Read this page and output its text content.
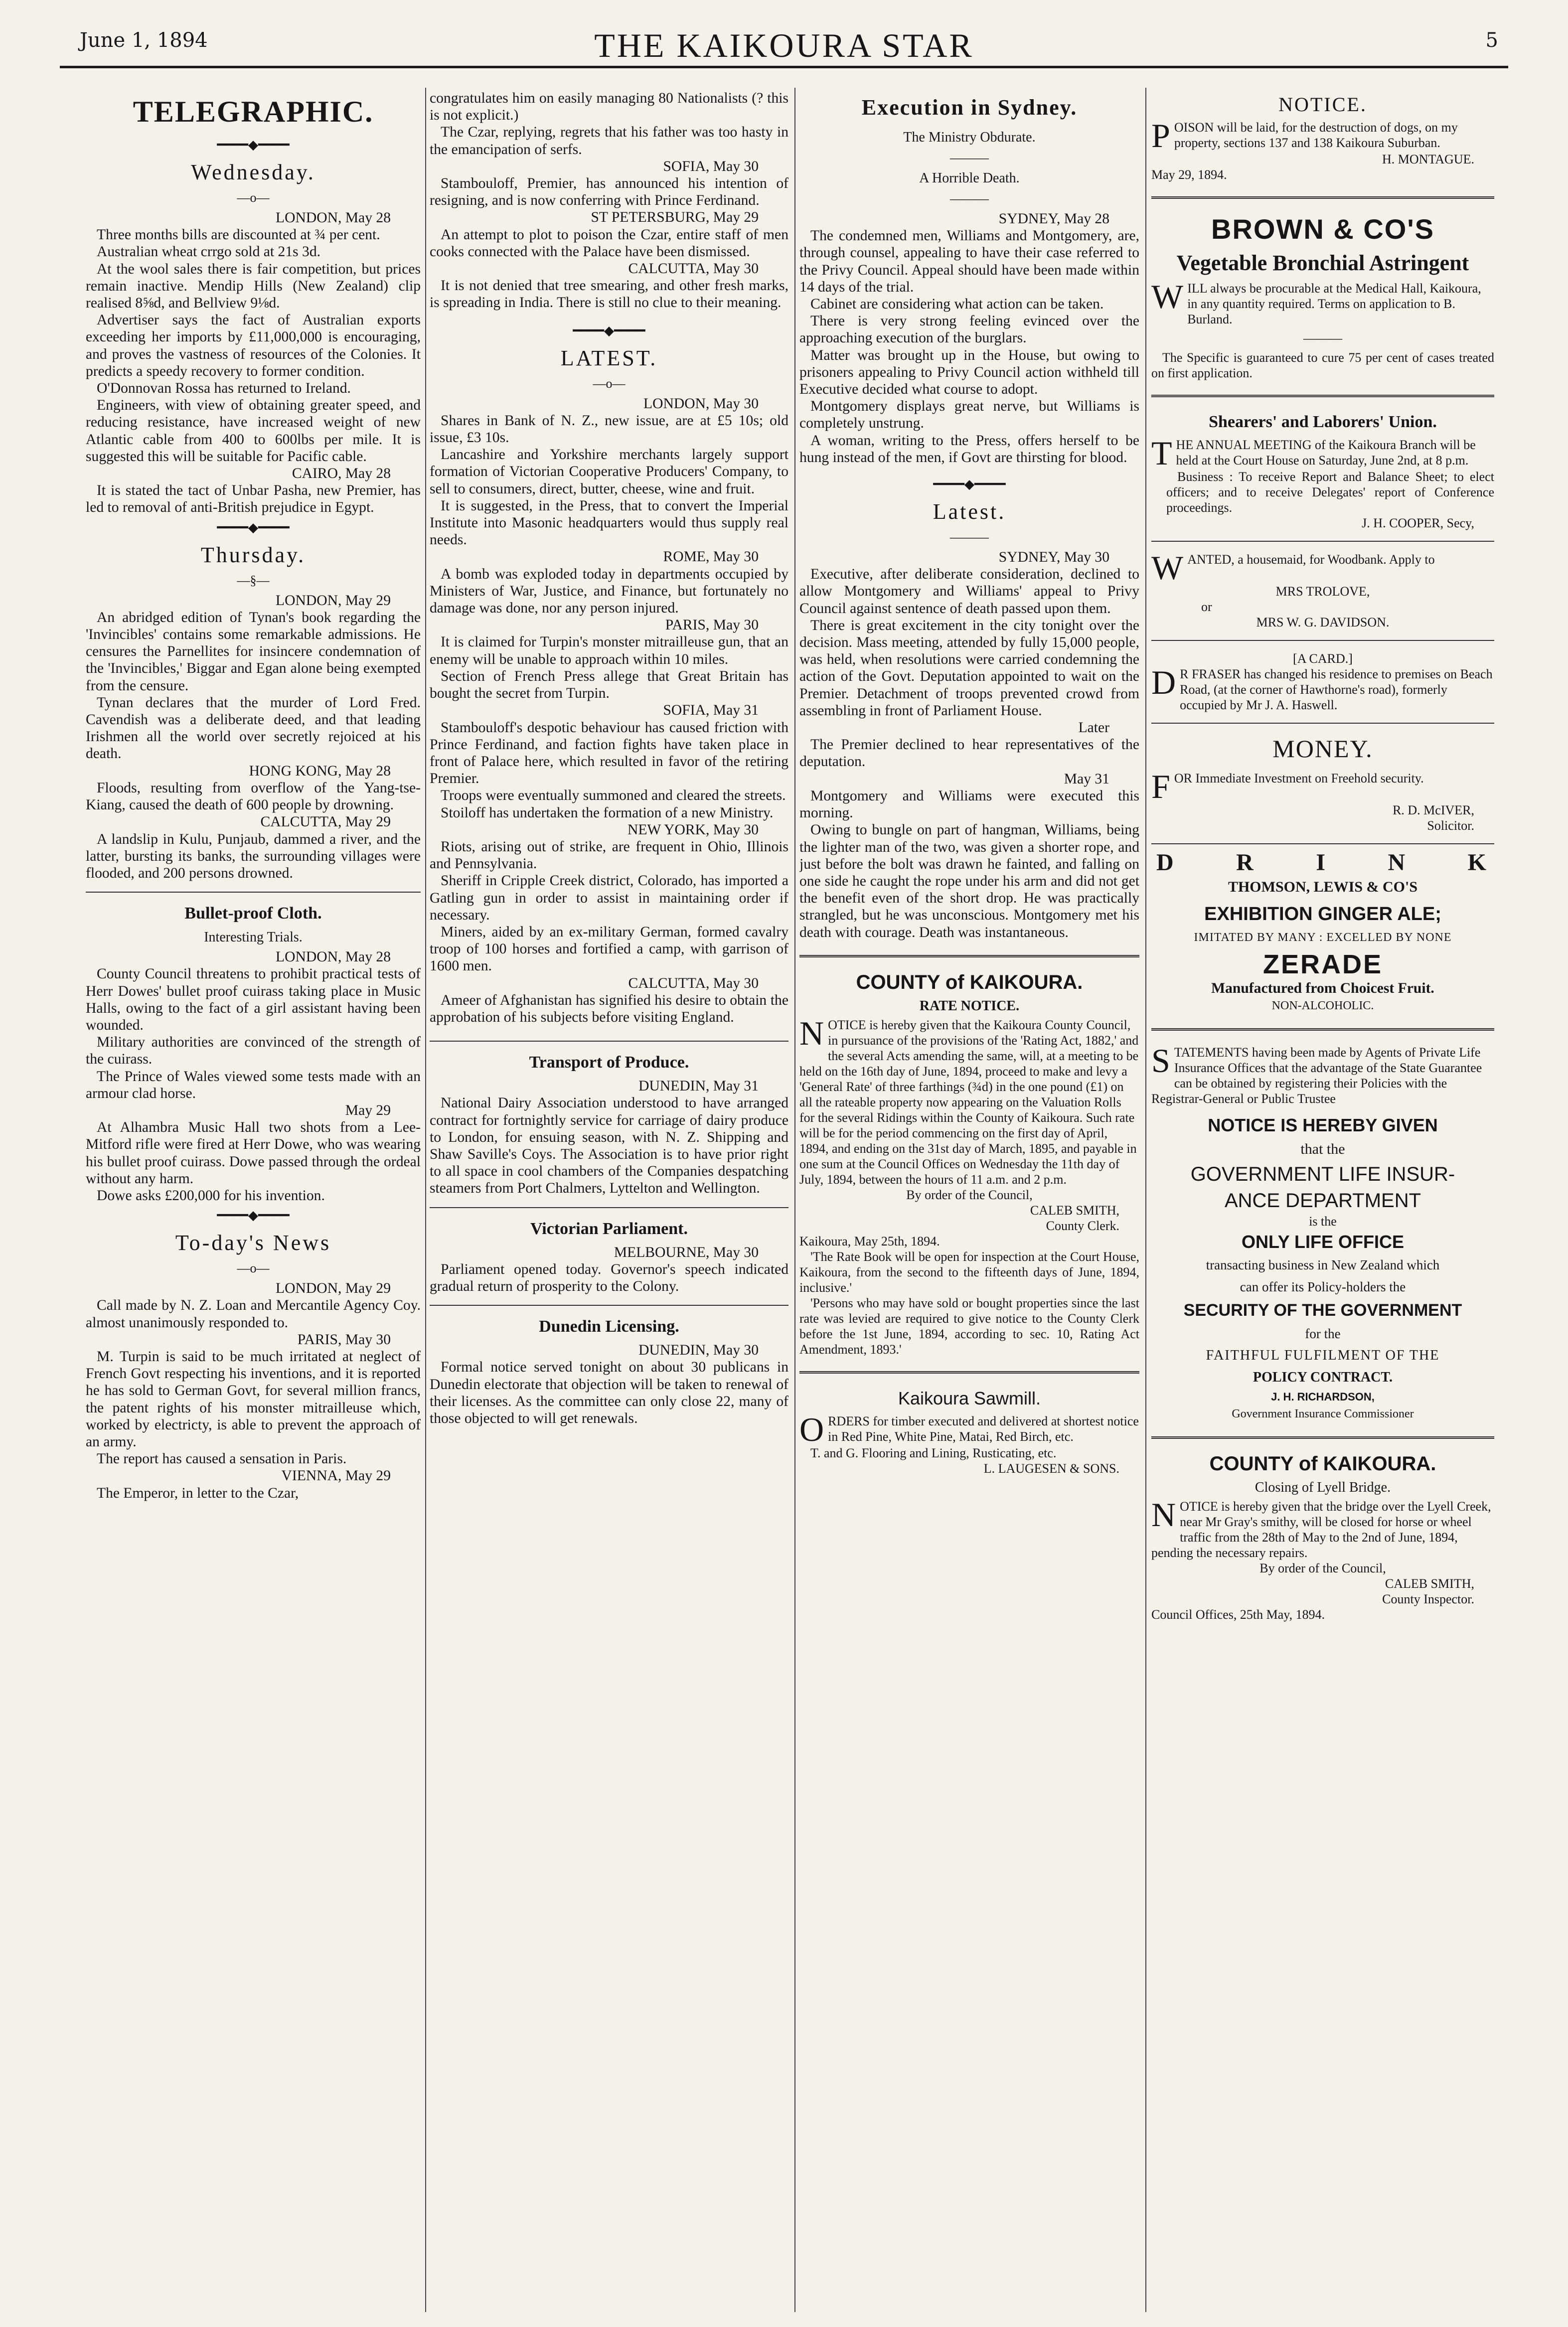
June 1, 1894	THE KAIKOURA STAR	5
TELEGRAPHIC.
━━━━◆━━━━
Wednesday.
—o—
LONDON, May 28

Three months bills are discounted at ¾ per cent.

Australian wheat crrgo sold at 21s 3d.

At the wool sales there is fair competition, but prices remain inactive. Mendip Hills (New Zealand) clip realised 8⅝d, and Bellview 9⅛d.

Advertiser says the fact of Australian exports exceeding her imports by £11,000,000 is encouraging, and proves the vastness of resources of the Colonies. It predicts a speedy recovery to former condition.

O'Donnovan Rossa has returned to Ireland.

Engineers, with view of obtaining greater speed, and reducing resistance, have increased weight of new Atlantic cable from 400 to 600lbs per mile. It is suggested this will be suitable for Pacific cable.

CAIRO, May 28

It is stated the tact of Unbar Pasha, new Premier, has led to removal of anti-British prejudice in Egypt.

━━━━◆━━━━
Thursday.
—§—
LONDON, May 29

An abridged edition of Tynan's book regarding the 'Invincibles' contains some remarkable admissions. He censures the Parnellites for insincere condemnation of the 'Invincibles,' Biggar and Egan alone being exempted from the censure.

Tynan declares that the murder of Lord Fred. Cavendish was a deliberate deed, and that leading Irishmen all the world over secretly rejoiced at his death.

HONG KONG, May 28

Floods, resulting from overflow of the Yang-tse-Kiang, caused the death of 600 people by drowning.

CALCUTTA, May 29

A landslip in Kulu, Punjaub, dammed a river, and the latter, bursting its banks, the surrounding villages were flooded, and 200 persons drowned.

Bullet-proof Cloth.
Interesting Trials.
LONDON, May 28

County Council threatens to prohibit practical tests of Herr Dowes' bullet proof cuirass taking place in Music Halls, owing to the fact of a girl assistant having been wounded.

Military authorities are convinced of the strength of the cuirass.

The Prince of Wales viewed some tests made with an armour clad horse.

May 29

At Alhambra Music Hall two shots from a Lee-Mitford rifle were fired at Herr Dowe, who was wearing his bullet proof cuirass. Dowe passed through the ordeal without any harm.

Dowe asks £200,000 for his invention.

━━━━◆━━━━
To-day's News
—o—
LONDON, May 29

Call made by N. Z. Loan and Mercantile Agency Coy. almost unanimously responded to.

PARIS, May 30

M. Turpin is said to be much irritated at neglect of French Govt respecting his inventions, and it is reported he has sold to German Govt, for several million francs, the patent rights of his monster mitrailleuse which, worked by electricty, is able to prevent the approach of an army.

The report has caused a sensation in Paris.

VIENNA, May 29

The Emperor, in letter to the Czar,

congratulates him on easily managing 80 Nationalists (? this is not explicit.)

The Czar, replying, regrets that his father was too hasty in the emancipation of serfs.

SOFIA, May 30

Stambouloff, Premier, has announced his intention of resigning, and is now conferring with Prince Ferdinand.

ST PETERSBURG, May 29

An attempt to plot to poison the Czar, entire staff of men cooks connected with the Palace have been dismissed.

CALCUTTA, May 30

It is not denied that tree smearing, and other fresh marks, is spreading in India. There is still no clue to their meaning.

━━━━◆━━━━
LATEST.
—o—
LONDON, May 30

Shares in Bank of N. Z., new issue, are at £5 10s; old issue, £3 10s.

Lancashire and Yorkshire merchants largely support formation of Victorian Cooperative Producers' Company, to sell to consumers, direct, butter, cheese, wine and fruit.

It is suggested, in the Press, that to convert the Imperial Institute into Masonic headquarters would thus supply real needs.

ROME, May 30

A bomb was exploded today in departments occupied by Ministers of War, Justice, and Finance, but fortunately no damage was done, nor any person injured.

PARIS, May 30

It is claimed for Turpin's monster mitrailleuse gun, that an enemy will be unable to approach within 10 miles.

Section of French Press allege that Great Britain has bought the secret from Turpin.

SOFIA, May 31

Stambouloff's despotic behaviour has caused friction with Prince Ferdinand, and faction fights have taken place in front of Palace here, which resulted in favor of the retiring Premier.

Troops were eventually summoned and cleared the streets.

Stoiloff has undertaken the formation of a new Ministry.

NEW YORK, May 30

Riots, arising out of strike, are frequent in Ohio, Illinois and Pennsylvania.

Sheriff in Cripple Creek district, Colorado, has imported a Gatling gun in order to assist in maintaining order if necessary.

Miners, aided by an ex-military German, formed cavalry troop of 100 horses and fortified a camp, with garrison of 1600 men.

CALCUTTA, May 30

Ameer of Afghanistan has signified his desire to obtain the approbation of his subjects before visiting England.

Transport of Produce.
DUNEDIN, May 31

National Dairy Association understood to have arranged contract for fortnightly service for carriage of dairy produce to London, for ensuing season, with N. Z. Shipping and Shaw Saville's Coys. The Association is to have prior right to all space in cool chambers of the Companies despatching steamers from Port Chalmers, Lyttelton and Wellington.

Victorian Parliament.
MELBOURNE, May 30

Parliament opened today. Governor's speech indicated gradual return of prosperity to the Colony.

Dunedin Licensing.
DUNEDIN, May 30

Formal notice served tonight on about 30 publicans in Dunedin electorate that objection will be taken to renewal of their licenses. As the committee can only close 22, many of those objected to will get renewals.

Execution in Sydney.
The Ministry Obdurate.
———
A Horrible Death.
———
SYDNEY, May 28

The condemned men, Williams and Montgomery, are, through counsel, appealing to have their case referred to the Privy Council. Appeal should have been made within 14 days of the trial.

Cabinet are considering what action can be taken.

There is very strong feeling evinced over the approaching execution of the burglars.

Matter was brought up in the House, but owing to prisoners appealing to Privy Council action withheld till Executive decided what course to adopt.

Montgomery displays great nerve, but Williams is completely unstrung.

A woman, writing to the Press, offers herself to be hung instead of the men, if Govt are thirsting for blood.

━━━━◆━━━━
Latest.
———
SYDNEY, May 30

Executive, after deliberate consideration, declined to allow Montgomery and Williams' appeal to Privy Council against sentence of death passed upon them.

There is great excitement in the city tonight over the decision. Mass meeting, attended by fully 15,000 people, was held, when resolutions were carried condemning the action of the Govt. Deputation appointed to wait on the Premier. Detachment of troops prevented crowd from assembling in front of Parliament House.

Later

The Premier declined to hear representatives of the deputation.

May 31

Montgomery and Williams were executed this morning.

Owing to bungle on part of hangman, Williams, being the lighter man of the two, was given a shorter rope, and just before the bolt was drawn he fainted, and falling on one side he caught the rope under his arm and did not get the benefit even of the short drop. He was practically strangled, but he was unconscious. Montgomery met his death with courage. Death was instantaneous.

COUNTY of KAIKOURA.
RATE NOTICE.
N OTICE is hereby given that the Kaikoura County Council, in pursuance of the provisions of the 'Rating Act, 1882,' and the several Acts amending the same, will, at a meeting to be held on the 16th day of June, 1894, proceed to make and levy a 'General Rate' of three farthings (¾d) in the one pound (£1) on all the rateable property now appearing on the Valuation Rolls for the several Ridings within the County of Kaikoura. Such rate will be for the period commencing on the first day of April, 1894, and ending on the 31st day of March, 1895, and payable in one sum at the Council Offices on Wednesday the 11th day of July, 1894, between the hours of 11 a.m. and 2 p.m.
By order of the Council,
CALEB SMITH,
County Clerk.
Kaikoura, May 25th, 1894.

'The Rate Book will be open for inspection at the Court House, Kaikoura, from the second to the fifteenth days of June, 1894, inclusive.'

'Persons who may have sold or bought properties since the last rate was levied are required to give notice to the County Clerk before the 1st June, 1894, according to sec. 10, Rating Act Amendment, 1893.'

Kaikoura Sawmill.
O RDERS for timber executed and delivered at shortest notice in Red Pine, White Pine, Matai, Red Birch, etc.

T. and G. Flooring and Lining, Rusticating, etc.

L. LAUGESEN & SONS.
NOTICE.
P OISON will be laid, for the destruction of dogs, on my property, sections 137 and 138 Kaikoura Suburban.
H. MONTAGUE.
May 29, 1894.
BROWN & CO'S
Vegetable Bronchial Astringent
W ILL always be procurable at the Medical Hall, Kaikoura, in any quantity required. Terms on application to B. Burland.
———

The Specific is guaranteed to cure 75 per cent of cases treated on first application.

Shearers' and Laborers' Union.
T HE ANNUAL MEETING of the Kaikoura Branch will be held at the Court House on Saturday, June 2nd, at 8 p.m.

Business : To receive Report and Balance Sheet; to elect officers; and to receive Delegates' report of Conference proceedings.

J. H. COOPER, Secy,
W ANTED, a housemaid, for Woodbank. Apply to
MRS TROLOVE,
or
MRS W. G. DAVIDSON.
[A CARD.]
D R FRASER has changed his residence to premises on Beach Road, (at the corner of Hawthorne's road), formerly occupied by Mr J. A. Haswell.
MONEY.
F OR Immediate Investment on Freehold security.
R. D. McIVER,
Solicitor.
D R I N K
THOMSON, LEWIS & CO'S
EXHIBITION GINGER ALE;
IMITATED BY MANY : EXCELLED BY NONE
ZERADE
Manufactured from Choicest Fruit.
NON-ALCOHOLIC.
S TATEMENTS having been made by Agents of Private Life Insurance Offices that the advantage of the State Guarantee can be obtained by registering their Policies with the Registrar-General or Public Trustee
NOTICE IS HEREBY GIVEN
that the
GOVERNMENT LIFE INSUR-
ANCE DEPARTMENT
is the
ONLY LIFE OFFICE
transacting business in New Zealand which
can offer its Policy-holders the
SECURITY OF THE GOVERNMENT
for the
FAITHFUL FULFILMENT OF THE
POLICY CONTRACT.
J. H. RICHARDSON,
Government Insurance Commissioner
COUNTY of KAIKOURA.
Closing of Lyell Bridge.
N OTICE is hereby given that the bridge over the Lyell Creek, near Mr Gray's smithy, will be closed for horse or wheel traffic from the 28th of May to the 2nd of June, 1894, pending the necessary repairs.
By order of the Council,
CALEB SMITH,
County Inspector.
Council Offices, 25th May, 1894.
